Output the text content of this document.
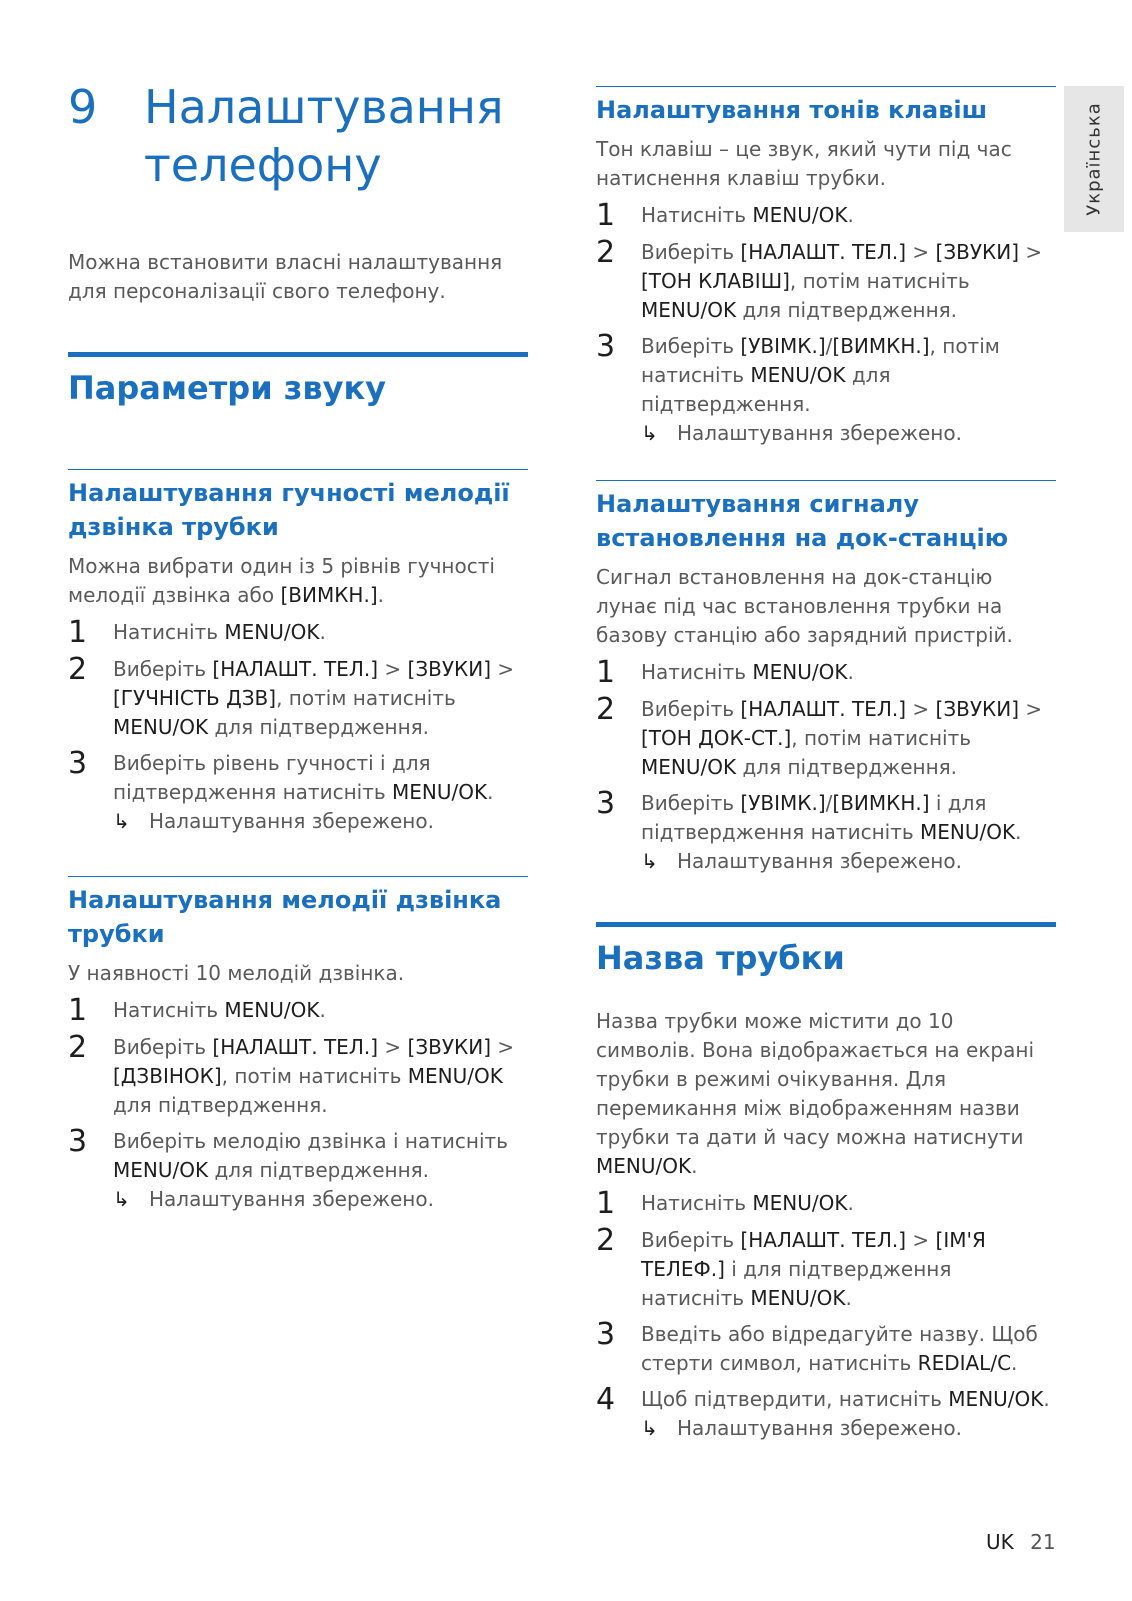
Українська
9	Налаштування телефону

Можна встановити власні налаштування для персоналізації свого телефону.

Параметри звуку
Налаштування гучності мелодії дзвінка трубки

Можна вибрати один із 5 рівнів гучності мелодії дзвінка або [ВИМКН.].

1	Натисніть MENU/OK.
2	Виберіть [НАЛАШТ. ТЕЛ.] > [ЗВУКИ] > [ГУЧНІСТЬ ДЗВ], потім натисніть MENU/OK для підтвердження.
3	Виберіть рівень гучності і для підтвердження натисніть MENU/OK.
↳ Налаштування збережено.
Налаштування мелодії дзвінка трубки

У наявності 10 мелодій дзвінка.

1	Натисніть MENU/OK.
2	Виберіть [НАЛАШТ. ТЕЛ.] > [ЗВУКИ] > [ДЗВІНОК], потім натисніть MENU/OK для підтвердження.
3	Виберіть мелодію дзвінка і натисніть MENU/OK для підтвердження.
↳ Налаштування збережено.
Налаштування тонів клавіш

Тон клавіш – це звук, який чути під час натиснення клавіш трубки.

1	Натисніть MENU/OK.
2	Виберіть [НАЛАШТ. ТЕЛ.] > [ЗВУКИ] > [ТОН КЛАВІШ], потім натисніть MENU/OK для підтвердження.
3	Виберіть [УВІМК.]/[ВИМКН.], потім натисніть MENU/OK для підтвердження.
↳ Налаштування збережено.
Налаштування сигналу встановлення на док-станцію

Сигнал встановлення на док-станцію лунає під час встановлення трубки на базову станцію або зарядний пристрій.

1	Натисніть MENU/OK.
2	Виберіть [НАЛАШТ. ТЕЛ.] > [ЗВУКИ] > [ТОН ДОК-СТ.], потім натисніть MENU/OK для підтвердження.
3	Виберіть [УВІМК.]/[ВИМКН.] і для підтвердження натисніть MENU/OK.
↳ Налаштування збережено.
Назва трубки

Назва трубки може містити до 10 символів. Вона відображається на екрані трубки в режимі очікування. Для перемикання між відображенням назви трубки та дати й часу можна натиснути MENU/OK.

1	Натисніть MENU/OK.
2	Виберіть [НАЛАШТ. ТЕЛ.] > [ІМ'Я ТЕЛЕФ.] і для підтвердження натисніть MENU/OK.
3	Введіть або відредагуйте назву. Щоб стерти символ, натисніть REDIAL/C.
4	Щоб підтвердити, натисніть MENU/OK.
↳ Налаштування збережено.
UK 21
